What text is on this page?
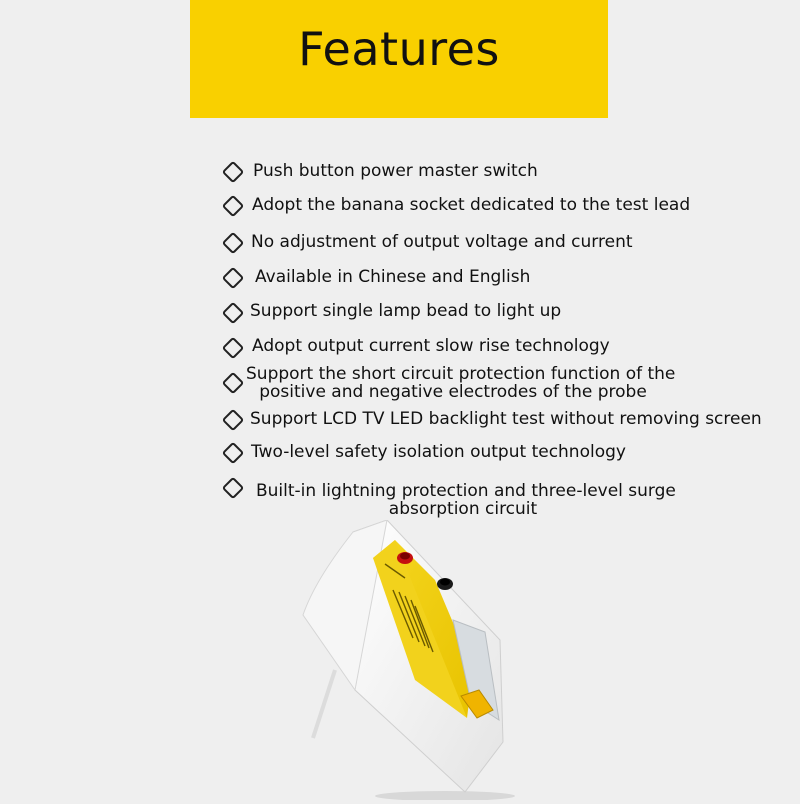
Features
Push button power master switch
Adopt the banana socket dedicated to the test lead
No adjustment of output voltage and current
Available in Chinese and English
Support single lamp bead to light up
Adopt output current slow rise technology
Support the short circuit protection function of the
positive and negative electrodes of the probe
Support LCD TV LED backlight test without removing screen
Two-level safety isolation output technology
Built-in lightning protection and three-level surge
absorption circuit
